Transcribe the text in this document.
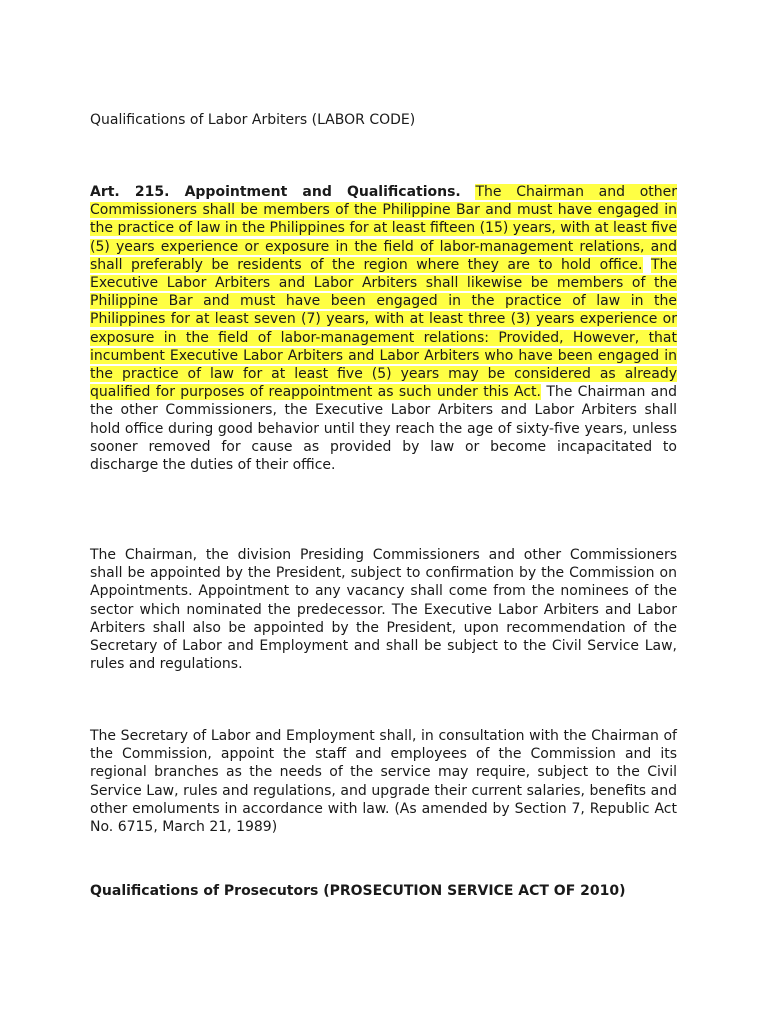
Qualifications of Labor Arbiters (LABOR CODE)

Art. 215. Appointment and Qualifications. The Chairman and other Commissioners shall be members of the Philippine Bar and must have engaged in the practice of law in the Philippines for at least fifteen (15) years, with at least five (5) years experience or exposure in the field of labor-management relations, and shall preferably be residents of the region where they are to hold office. The Executive Labor Arbiters and Labor Arbiters shall likewise be members of the Philippine Bar and must have been engaged in the practice of law in the Philippines for at least seven (7) years, with at least three (3) years experience or exposure in the field of labor-management relations: Provided, However, that incumbent Executive Labor Arbiters and Labor Arbiters who have been engaged in the practice of law for at least five (5) years may be considered as already qualified for purposes of reappointment as such under this Act. The Chairman and the other Commissioners, the Executive Labor Arbiters and Labor Arbiters shall hold office during good behavior until they reach the age of sixty-five years, unless sooner removed for cause as provided by law or become incapacitated to discharge the duties of their office.

The Chairman, the division Presiding Commissioners and other Commissioners shall be appointed by the President, subject to confirmation by the Commission on Appointments. Appointment to any vacancy shall come from the nominees of the sector which nominated the predecessor. The Executive Labor Arbiters and Labor Arbiters shall also be appointed by the President, upon recommendation of the Secretary of Labor and Employment and shall be subject to the Civil Service Law, rules and regulations.

The Secretary of Labor and Employment shall, in consultation with the Chairman of the Commission, appoint the staff and employees of the Commission and its regional branches as the needs of the service may require, subject to the Civil Service Law, rules and regulations, and upgrade their current salaries, benefits and other emoluments in accordance with law. (As amended by Section 7, Republic Act No. 6715, March 21, 1989)

Qualifications of Prosecutors (PROSECUTION SERVICE ACT OF 2010)
